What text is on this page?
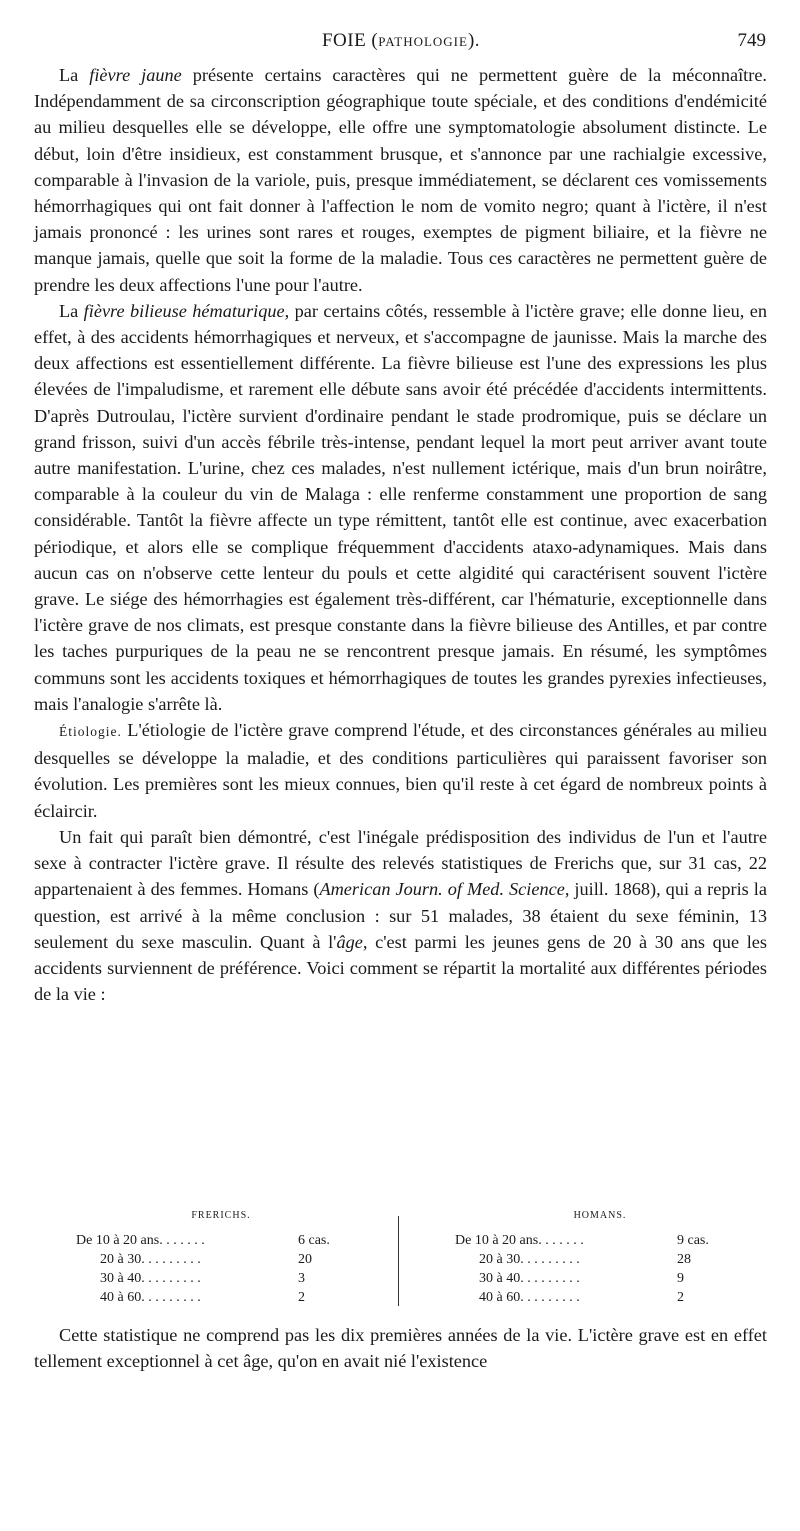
FOIE (PATHOLOGIE).	749

La fièvre jaune présente certains caractères qui ne permettent guère de la méconnaître. Indépendamment de sa circonscription géographique toute spéciale, et des conditions d'endémicité au milieu desquelles elle se développe, elle offre une symptomatologie absolument distincte. Le début, loin d'être insidieux, est constamment brusque, et s'annonce par une rachialgie excessive, comparable à l'invasion de la variole, puis, presque immédiatement, se déclarent ces vomissements hémorrhagiques qui ont fait donner à l'affection le nom de vomito negro; quant à l'ictère, il n'est jamais prononcé : les urines sont rares et rouges, exemptes de pigment biliaire, et la fièvre ne manque jamais, quelle que soit la forme de la maladie. Tous ces caractères ne permettent guère de prendre les deux affections l'une pour l'autre.

La fièvre bilieuse hématurique, par certains côtés, ressemble à l'ictère grave; elle donne lieu, en effet, à des accidents hémorrhagiques et nerveux, et s'accompagne de jaunisse. Mais la marche des deux affections est essentiellement différente. La fièvre bilieuse est l'une des expressions les plus élevées de l'impaludisme, et rarement elle débute sans avoir été précédée d'accidents intermittents. D'après Dutroulau, l'ictère survient d'ordinaire pendant le stade prodromique, puis se déclare un grand frisson, suivi d'un accès fébrile très-intense, pendant lequel la mort peut arriver avant toute autre manifestation. L'urine, chez ces malades, n'est nullement ictérique, mais d'un brun noirâtre, comparable à la couleur du vin de Malaga : elle renferme constamment une proportion de sang considérable. Tantôt la fièvre affecte un type rémittent, tantôt elle est continue, avec exacerbation périodique, et alors elle se complique fréquemment d'accidents ataxo-adynamiques. Mais dans aucun cas on n'observe cette lenteur du pouls et cette algidité qui caractérisent souvent l'ictère grave. Le siége des hémorrhagies est également très-différent, car l'hématurie, exceptionnelle dans l'ictère grave de nos climats, est presque constante dans la fièvre bilieuse des Antilles, et par contre les taches purpuriques de la peau ne se rencontrent presque jamais. En résumé, les symptômes communs sont les accidents toxiques et hémorrhagiques de toutes les grandes pyrexies infectieuses, mais l'analogie s'arrête là.

Étiologie. L'étiologie de l'ictère grave comprend l'étude, et des circonstances générales au milieu desquelles se développe la maladie, et des conditions particulières qui paraissent favoriser son évolution. Les premières sont les mieux connues, bien qu'il reste à cet égard de nombreux points à éclaircir.

Un fait qui paraît bien démontré, c'est l'inégale prédisposition des individus de l'un et l'autre sexe à contracter l'ictère grave. Il résulte des relevés statistiques de Frerichs que, sur 31 cas, 22 appartenaient à des femmes. Homans (American Journ. of Med. Science, juill. 1868), qui a repris la question, est arrivé à la même conclusion : sur 51 malades, 38 étaient du sexe féminin, 13 seulement du sexe masculin. Quant à l'âge, c'est parmi les jeunes gens de 20 à 30 ans que les accidents surviennent de préférence. Voici comment se répartit la mortalité aux différentes périodes de la vie :

FRERICHS.
De 10 à 20 ans. . . . . . .	6 cas.
20 à 30. . . . . . . . .	20
30 à 40. . . . . . . . .	3
40 à 60. . . . . . . . .	2
HOMANS.
De 10 à 20 ans. . . . . . .	9 cas.
20 à 30. . . . . . . . .	28
30 à 40. . . . . . . . .	9
40 à 60. . . . . . . . .	2

Cette statistique ne comprend pas les dix premières années de la vie. L'ictère grave est en effet tellement exceptionnel à cet âge, qu'on en avait nié l'existence
